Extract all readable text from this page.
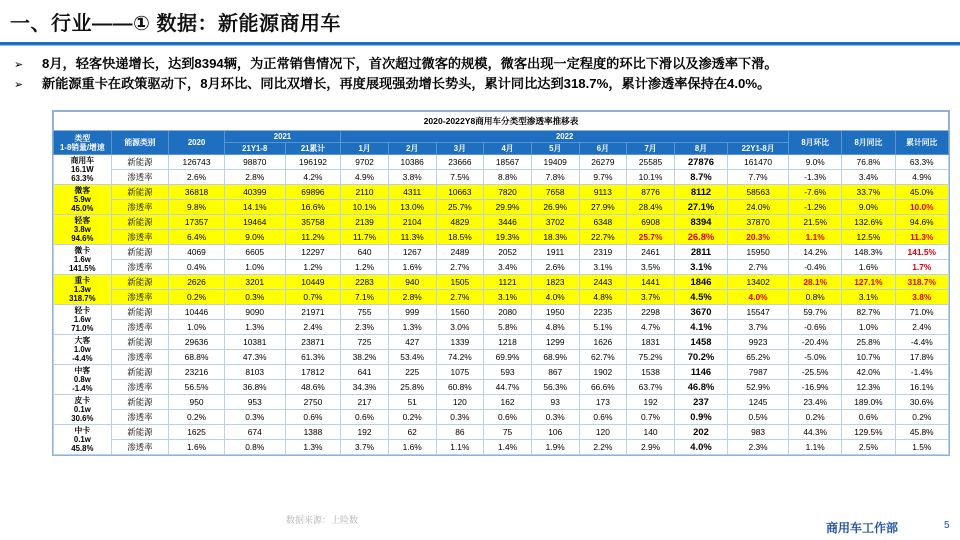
一、行业——① 数据：新能源商用车
➢ 8月，轻客快递增长，达到8394辆，为正常销售情况下，首次超过微客的规模，微客出现一定程度的环比下滑以及渗透率下滑。
➢ 新能源重卡在政策驱动下，8月环比、同比双增长，再度展现强劲增长势头，累计同比达到318.7%，累计渗透率保持在4.0%。
2020-2022Y8商用车分类型渗透率推移表																
类型
1-8销量/增速	能源类别	2020	2021		2022									8月环比	8月同比	累计同比
			21Y1-8	21累计	1月	2月	3月	4月	5月	6月	7月	8月	22Y1-8月			
商用车
16.1W
63.3%	新能源	126743	98870	196192	9702	10386	23666	18567	19409	26279	25585	27876	161470	9.0%	76.8%	63.3%
	渗透率	2.6%	2.8%	4.2%	4.9%	3.8%	7.5%	8.8%	7.8%	9.7%	10.1%	8.7%	7.7%	-1.3%	3.4%	4.9%
微客
5.9w
45.0%	新能源	36818	40399	69896	2110	4311	10663	7820	7658	9113	8776	8112	58563	-7.6%	33.7%	45.0%
	渗透率	9.8%	14.1%	16.6%	10.1%	13.0%	25.7%	29.9%	26.9%	27.9%	28.4%	27.1%	24.0%	-1.2%	9.0%	10.0%
轻客
3.8w
94.6%	新能源	17357	19464	35758	2139	2104	4829	3446	3702	6348	6908	8394	37870	21.5%	132.6%	94.6%
	渗透率	6.4%	9.0%	11.2%	11.7%	11.3%	18.5%	19.3%	18.3%	22.7%	25.7%	26.8%	20.3%	1.1%	12.5%	11.3%
微卡
1.6w
141.5%	新能源	4069	6605	12297	640	1267	2489	2052	1911	2319	2461	2811	15950	14.2%	148.3%	141.5%
	渗透率	0.4%	1.0%	1.2%	1.2%	1.6%	2.7%	3.4%	2.6%	3.1%	3.5%	3.1%	2.7%	-0.4%	1.6%	1.7%
重卡
1.3w
318.7%	新能源	2626	3201	10449	2283	940	1505	1121	1823	2443	1441	1846	13402	28.1%	127.1%	318.7%
	渗透率	0.2%	0.3%	0.7%	7.1%	2.8%	2.7%	3.1%	4.0%	4.8%	3.7%	4.5%	4.0%	0.8%	3.1%	3.8%
轻卡
1.6w
71.0%	新能源	10446	9090	21971	755	999	1560	2080	1950	2235	2298	3670	15547	59.7%	82.7%	71.0%
	渗透率	1.0%	1.3%	2.4%	2.3%	1.3%	3.0%	5.8%	4.8%	5.1%	4.7%	4.1%	3.7%	-0.6%	1.0%	2.4%
大客
1.0w
-4.4%	新能源	29636	10381	23871	725	427	1339	1218	1299	1626	1831	1458	9923	-20.4%	25.8%	-4.4%
	渗透率	68.8%	47.3%	61.3%	38.2%	53.4%	74.2%	69.9%	68.9%	62.7%	75.2%	70.2%	65.2%	-5.0%	10.7%	17.8%
中客
0.8w
-1.4%	新能源	23216	8103	17812	641	225	1075	593	867	1902	1538	1146	7987	-25.5%	42.0%	-1.4%
	渗透率	56.5%	36.8%	48.6%	34.3%	25.8%	60.8%	44.7%	56.3%	66.6%	63.7%	46.8%	52.9%	-16.9%	12.3%	16.1%
皮卡
0.1w
30.6%	新能源	950	953	2750	217	51	120	162	93	173	192	237	1245	23.4%	189.0%	30.6%
	渗透率	0.2%	0.3%	0.6%	0.6%	0.2%	0.3%	0.6%	0.3%	0.6%	0.7%	0.9%	0.5%	0.2%	0.6%	0.2%
中卡
0.1w
45.8%	新能源	1625	674	1388	192	62	86	75	106	120	140	202	983	44.3%	129.5%	45.8%
	渗透率	1.6%	0.8%	1.3%	3.7%	1.6%	1.1%	1.4%	1.9%	2.2%	2.9%	4.0%	2.3%	1.1%	2.5%	1.5%
数据来源：上险数
商用车工作部	5
